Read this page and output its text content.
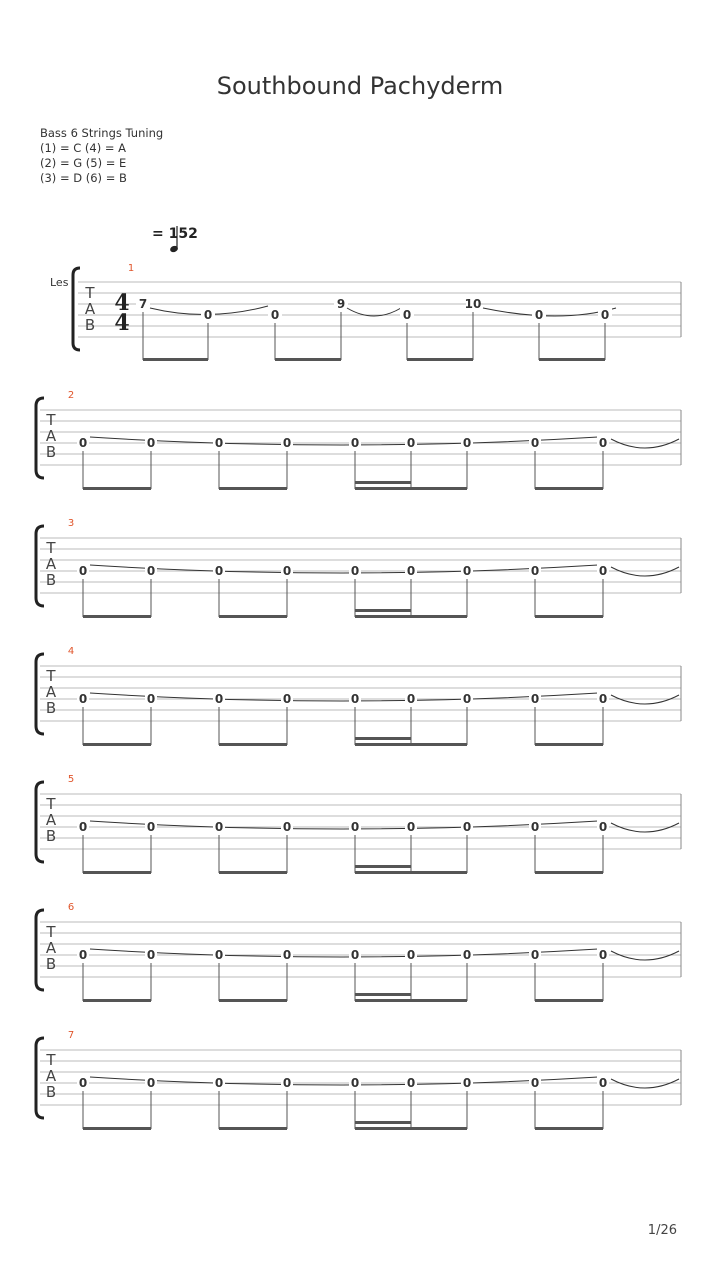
Southbound Pachyderm
Bass 6 Strings Tuning
(1) = C (4) = A
(2) = G (5) = E
(3) = D (6) = B
= 152
Les
T
A
B
4
4
1
7
0	0
9
0
10
0	0
T
A
B
2
0	0	0	0	0	0	0	0	0
T
A
B
3
0	0	0	0	0	0	0	0	0
T
A
B
4
0	0	0	0	0	0	0	0	0
T
A
B
5
0	0	0	0	0	0	0	0	0
T
A
B
6
0	0	0	0	0	0	0	0	0
T
A
B
7
0	0	0	0	0	0	0	0	0
1/26
